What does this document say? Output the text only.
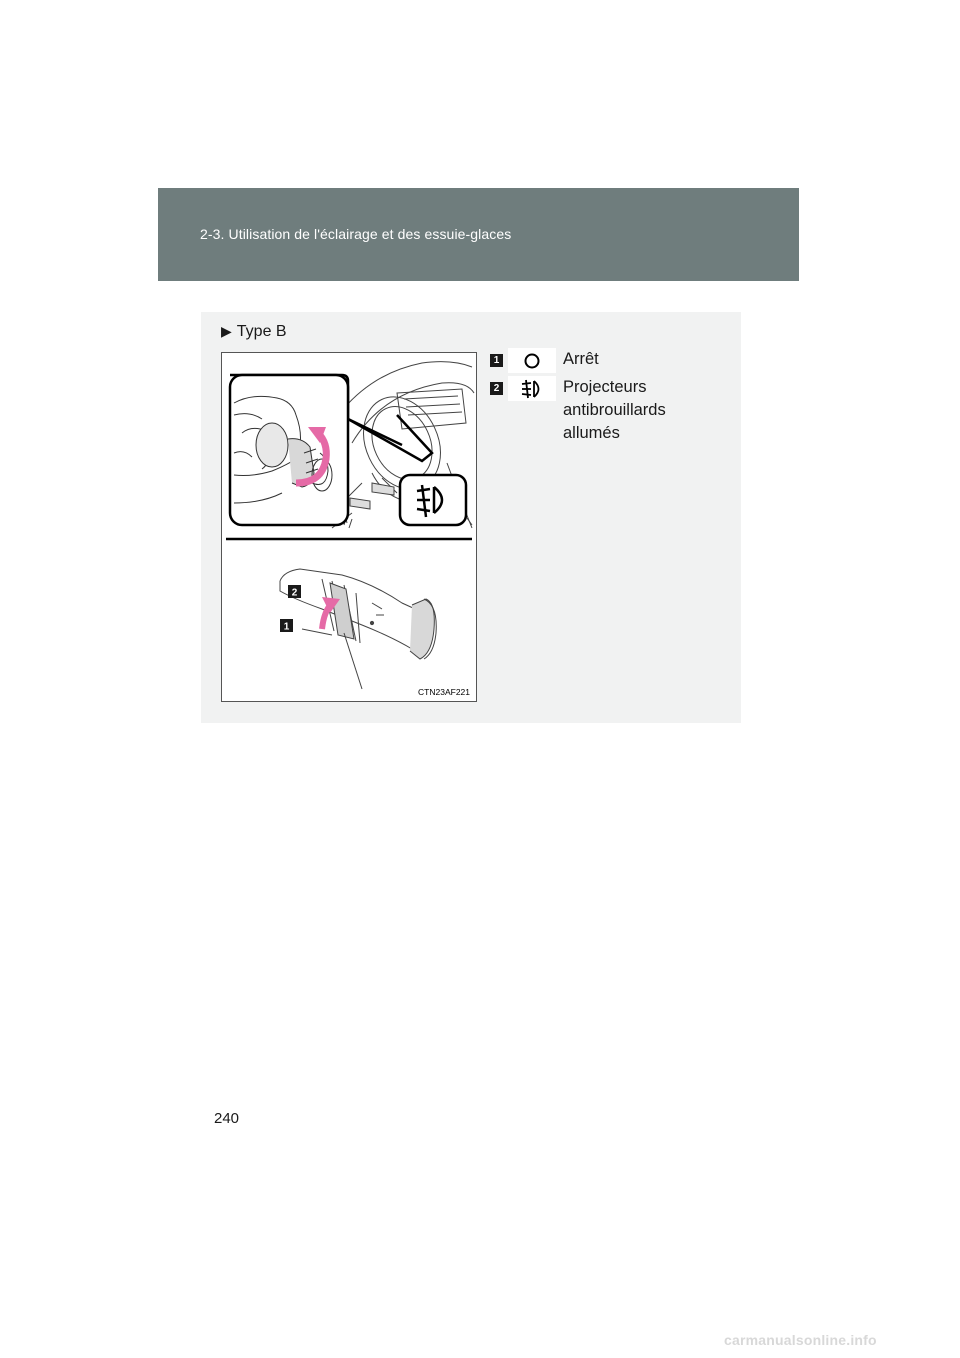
2-3. Utilisation de l'éclairage et des essuie-glaces
▶ Type B
2
1
CTN23AF221
1	Arrêt
2	Projecteurs
antibrouillards
allumés
240
carmanualsonline.info
